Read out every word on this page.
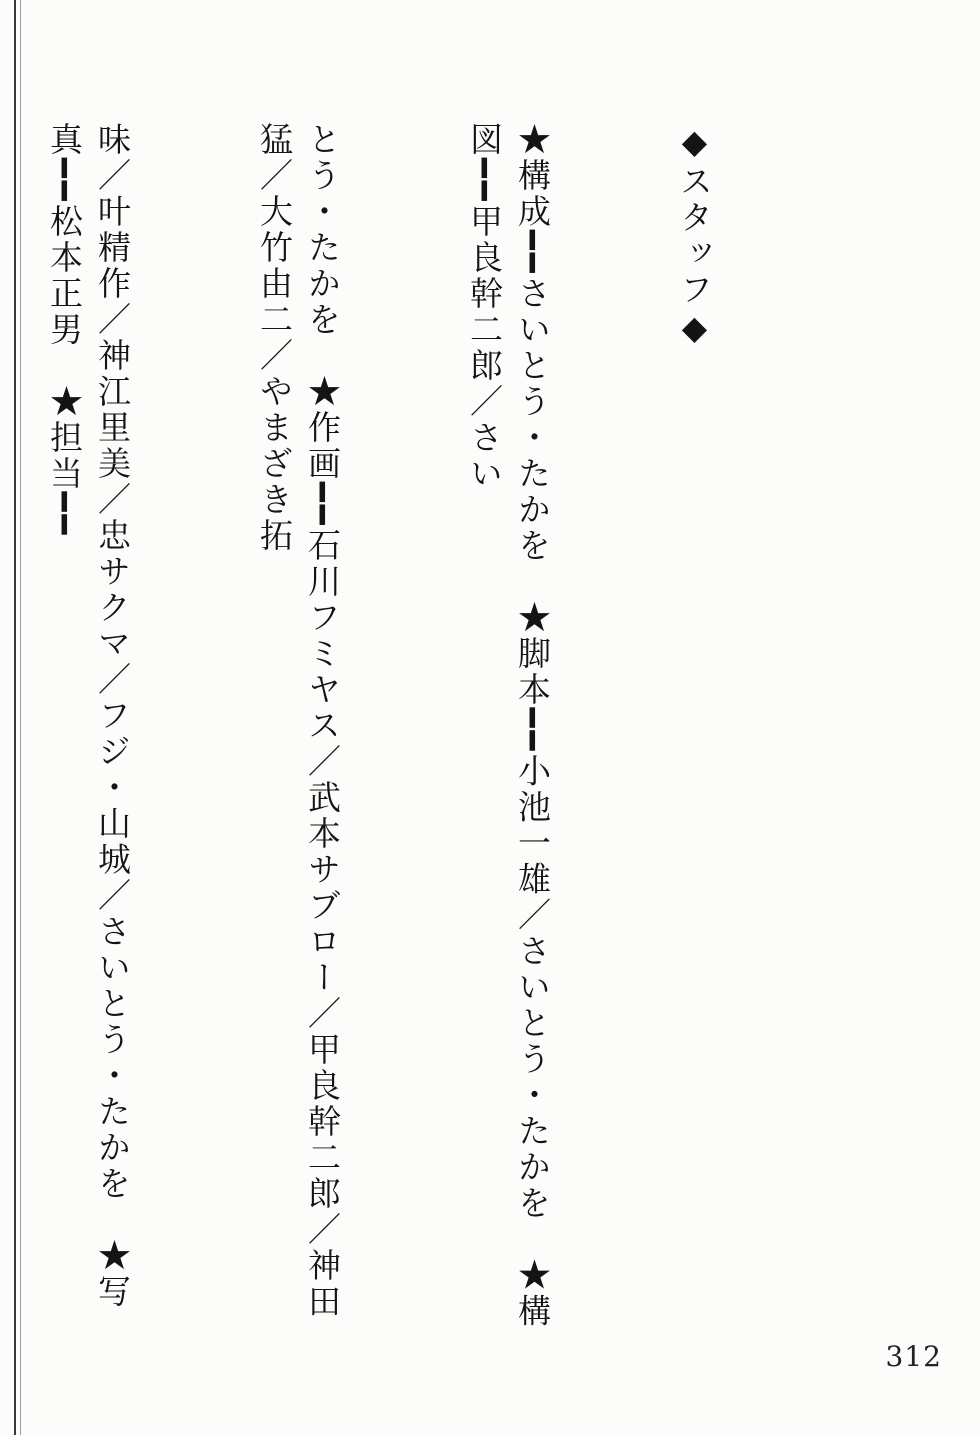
◆スタッフ◆

★構成━━さいとう・たかを　★脚本━━小池一雄／さいとう・たかを　★構図━━甲良幹二郎／さい

とう・たかを　★作画━━石川フミヤス／武本サブロー／甲良幹二郎／神田猛／大竹由二／やまざき拓

味／叶精作／神江里美／忠サクマ／フジ・山城／さいとう・たかを　★写真━━松本正男　★担当━━

312
